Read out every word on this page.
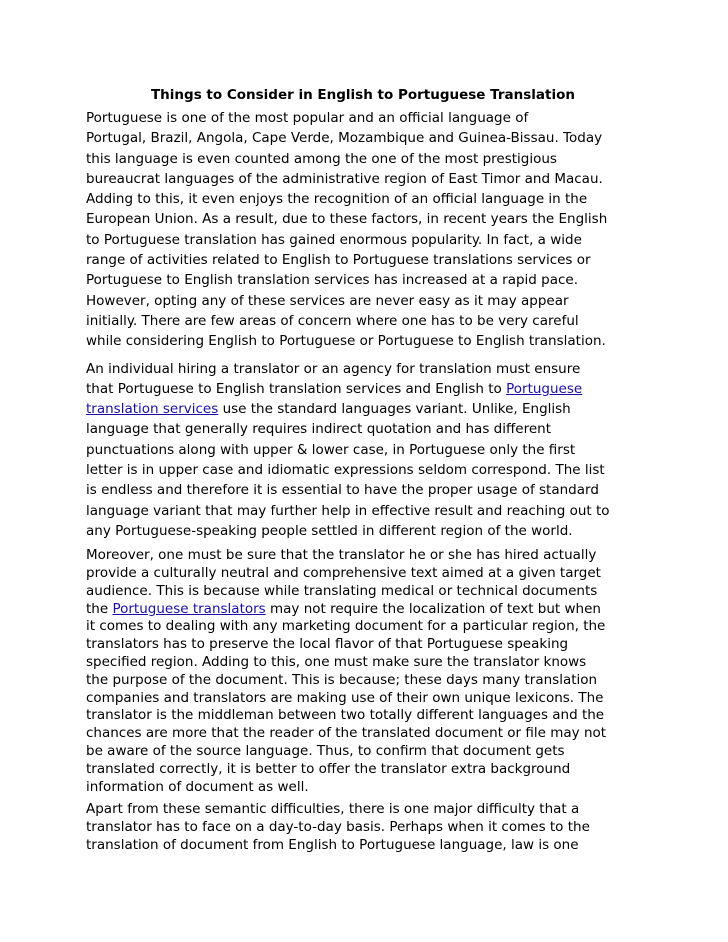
Things to Consider in English to Portuguese Translation
Portuguese is one of the most popular and an official language of
Portugal, Brazil, Angola, Cape Verde, Mozambique and Guinea-Bissau. Today
this language is even counted among the one of the most prestigious
bureaucrat languages of the administrative region of East Timor and Macau.
Adding to this, it even enjoys the recognition of an official language in the
European Union. As a result, due to these factors, in recent years the English
to Portuguese translation has gained enormous popularity. In fact, a wide
range of activities related to English to Portuguese translations services or
Portuguese to English translation services has increased at a rapid pace.
However, opting any of these services are never easy as it may appear
initially. There are few areas of concern where one has to be very careful
while considering English to Portuguese or Portuguese to English translation.
An individual hiring a translator or an agency for translation must ensure
that Portuguese to English translation services and English to Portuguese
translation services use the standard languages variant. Unlike, English
language that generally requires indirect quotation and has different
punctuations along with upper & lower case, in Portuguese only the first
letter is in upper case and idiomatic expressions seldom correspond. The list
is endless and therefore it is essential to have the proper usage of standard
language variant that may further help in effective result and reaching out to
any Portuguese-speaking people settled in different region of the world.
Moreover, one must be sure that the translator he or she has hired actually
provide a culturally neutral and comprehensive text aimed at a given target
audience. This is because while translating medical or technical documents
the Portuguese translators may not require the localization of text but when
it comes to dealing with any marketing document for a particular region, the
translators has to preserve the local flavor of that Portuguese speaking
specified region. Adding to this, one must make sure the translator knows
the purpose of the document. This is because; these days many translation
companies and translators are making use of their own unique lexicons. The
translator is the middleman between two totally different languages and the
chances are more that the reader of the translated document or file may not
be aware of the source language. Thus, to confirm that document gets
translated correctly, it is better to offer the translator extra background
information of document as well.
Apart from these semantic difficulties, there is one major difficulty that a
translator has to face on a day-to-day basis. Perhaps when it comes to the
translation of document from English to Portuguese language, law is one
